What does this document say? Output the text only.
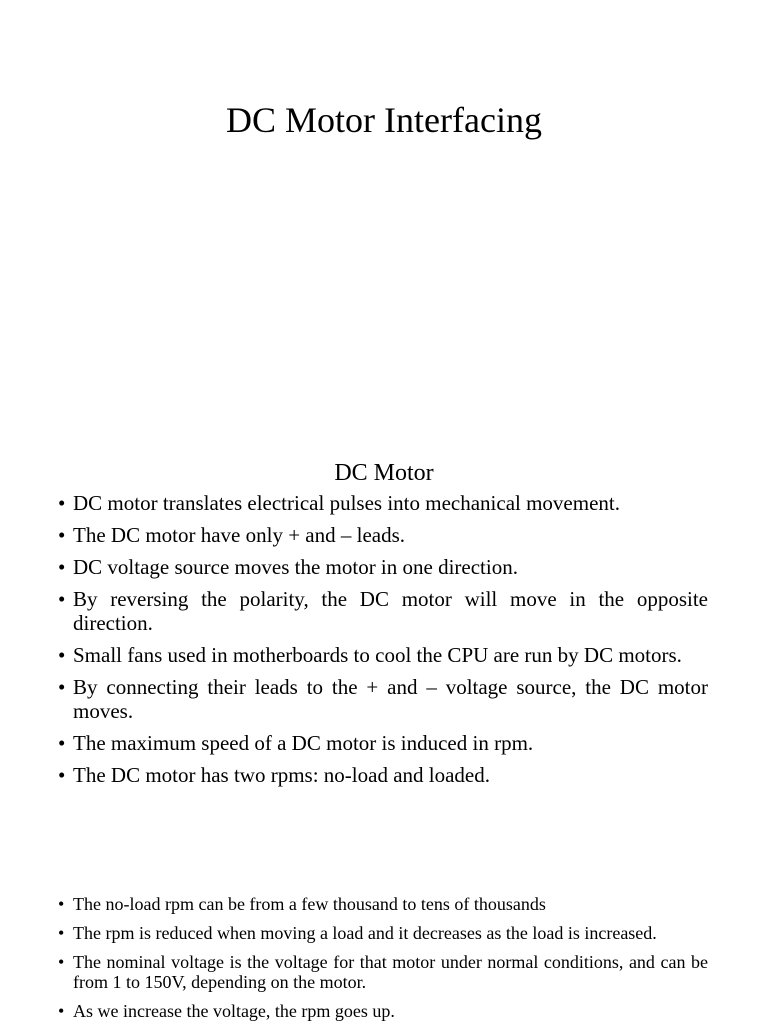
DC Motor Interfacing
DC Motor
• DC motor translates electrical pulses into mechanical movement.
• The DC motor have only + and – leads.
• DC voltage source moves the motor in one direction.
• By reversing the polarity, the DC motor will move in the opposite direction.
• Small fans used in motherboards to cool the CPU are run by DC motors.
• By connecting their leads to the + and – voltage source, the DC motor moves.
• The maximum speed of a DC motor is induced in rpm.
• The DC motor has two rpms: no-load and loaded.
• The no-load rpm can be from a few thousand to tens of thousands
• The rpm is reduced when moving a load and it decreases as the load is increased.
• The nominal voltage is the voltage for that motor under normal conditions, and can be from 1 to 150V, depending on the motor.
• As we increase the voltage, the rpm goes up.
